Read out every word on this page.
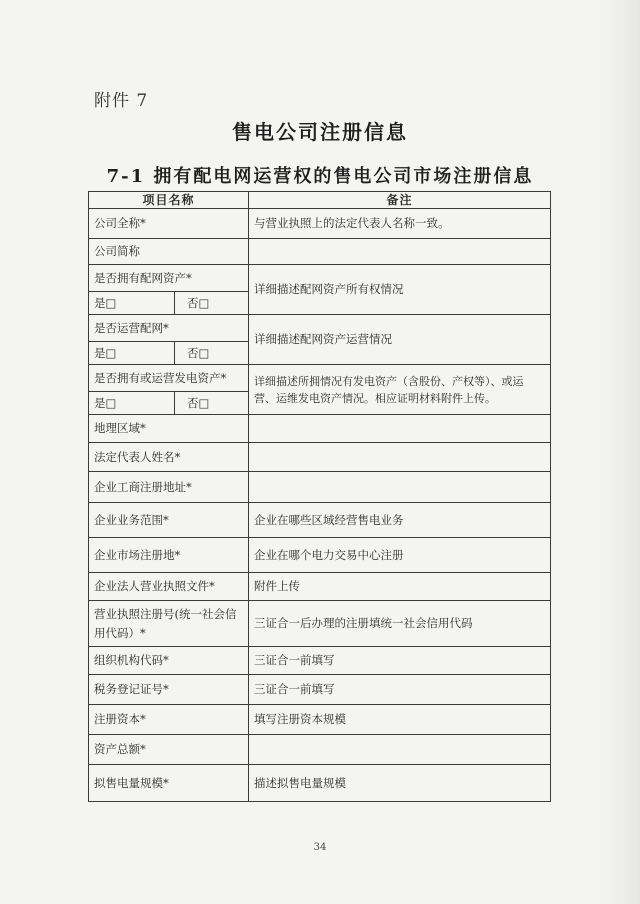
附件 7
售电公司注册信息
7-1 拥有配电网运营权的售电公司市场注册信息
项目名称		备注
公司全称*		与营业执照上的法定代表人名称一致。
公司简称		
是否拥有配网资产*		详细描述配网资产所有权情况
是□	否□	
是否运营配网*		详细描述配网资产运营情况
是□	否□	
是否拥有或运营发电资产*		详细描述所拥情况有发电资产（含股份、产权等）、或运营、运维发电资产情况。相应证明材料附件上传。
是□	否□	
地理区域*		
法定代表人姓名*		
企业工商注册地址*		
企业业务范围*		企业在哪些区域经营售电业务
企业市场注册地*		企业在哪个电力交易中心注册
企业法人营业执照文件*		附件上传
营业执照注册号(统一社会信用代码）*		三证合一后办理的注册填统一社会信用代码
组织机构代码*		三证合一前填写
税务登记证号*		三证合一前填写
注册资本*		填写注册资本规模
资产总额*		
拟售电量规模*		描述拟售电量规模
34
